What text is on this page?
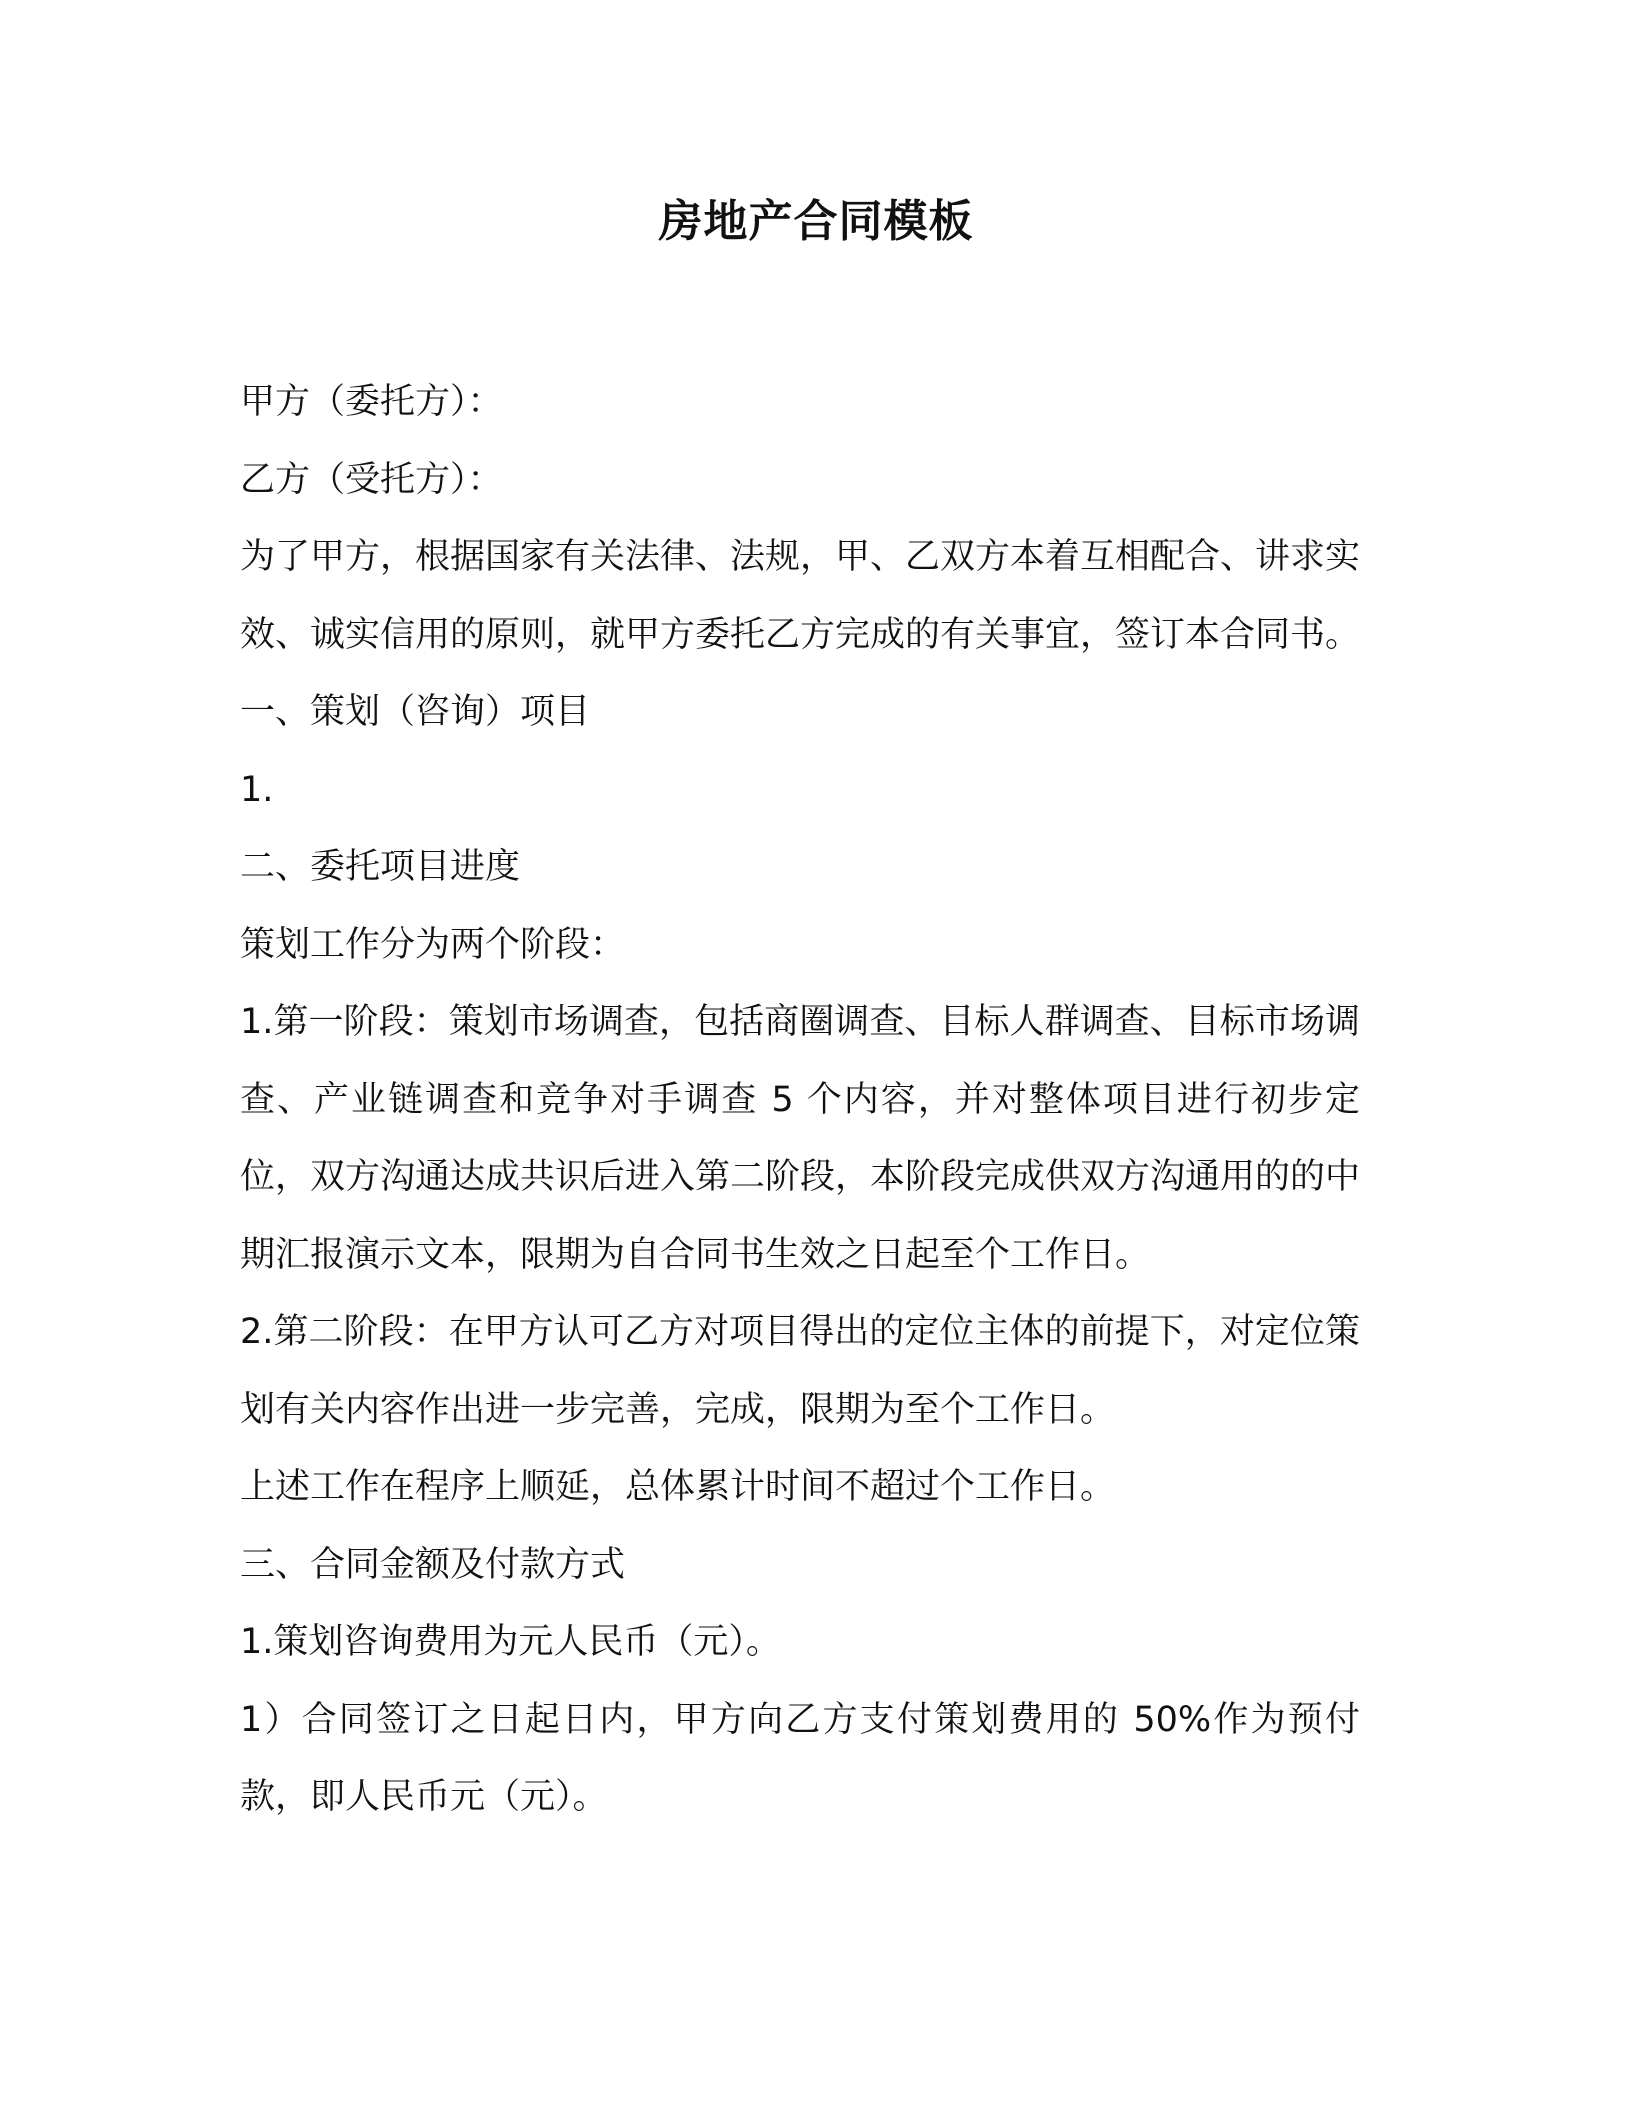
房地产合同模板

甲方（委托方）：

乙方（受托方）：

为了甲方，根据国家有关法律、法规，甲、乙双方本着互相配合、讲求实效、诚实信用的原则，就甲方委托乙方完成的有关事宜，签订本合同书。

一、策划（咨询）项目

1.

二、委托项目进度

策划工作分为两个阶段：

1.第一阶段：策划市场调查，包括商圈调查、目标人群调查、目标市场调查、产业链调查和竞争对手调查 5 个内容，并对整体项目进行初步定位，双方沟通达成共识后进入第二阶段，本阶段完成供双方沟通用的的中期汇报演示文本，限期为自合同书生效之日起至个工作日。

2.第二阶段：在甲方认可乙方对项目得出的定位主体的前提下，对定位策划有关内容作出进一步完善，完成，限期为至个工作日。

上述工作在程序上顺延，总体累计时间不超过个工作日。

三、合同金额及付款方式

1.策划咨询费用为元人民币（元）。

1）合同签订之日起日内，甲方向乙方支付策划费用的 50%作为预付款，即人民币元（元）。
